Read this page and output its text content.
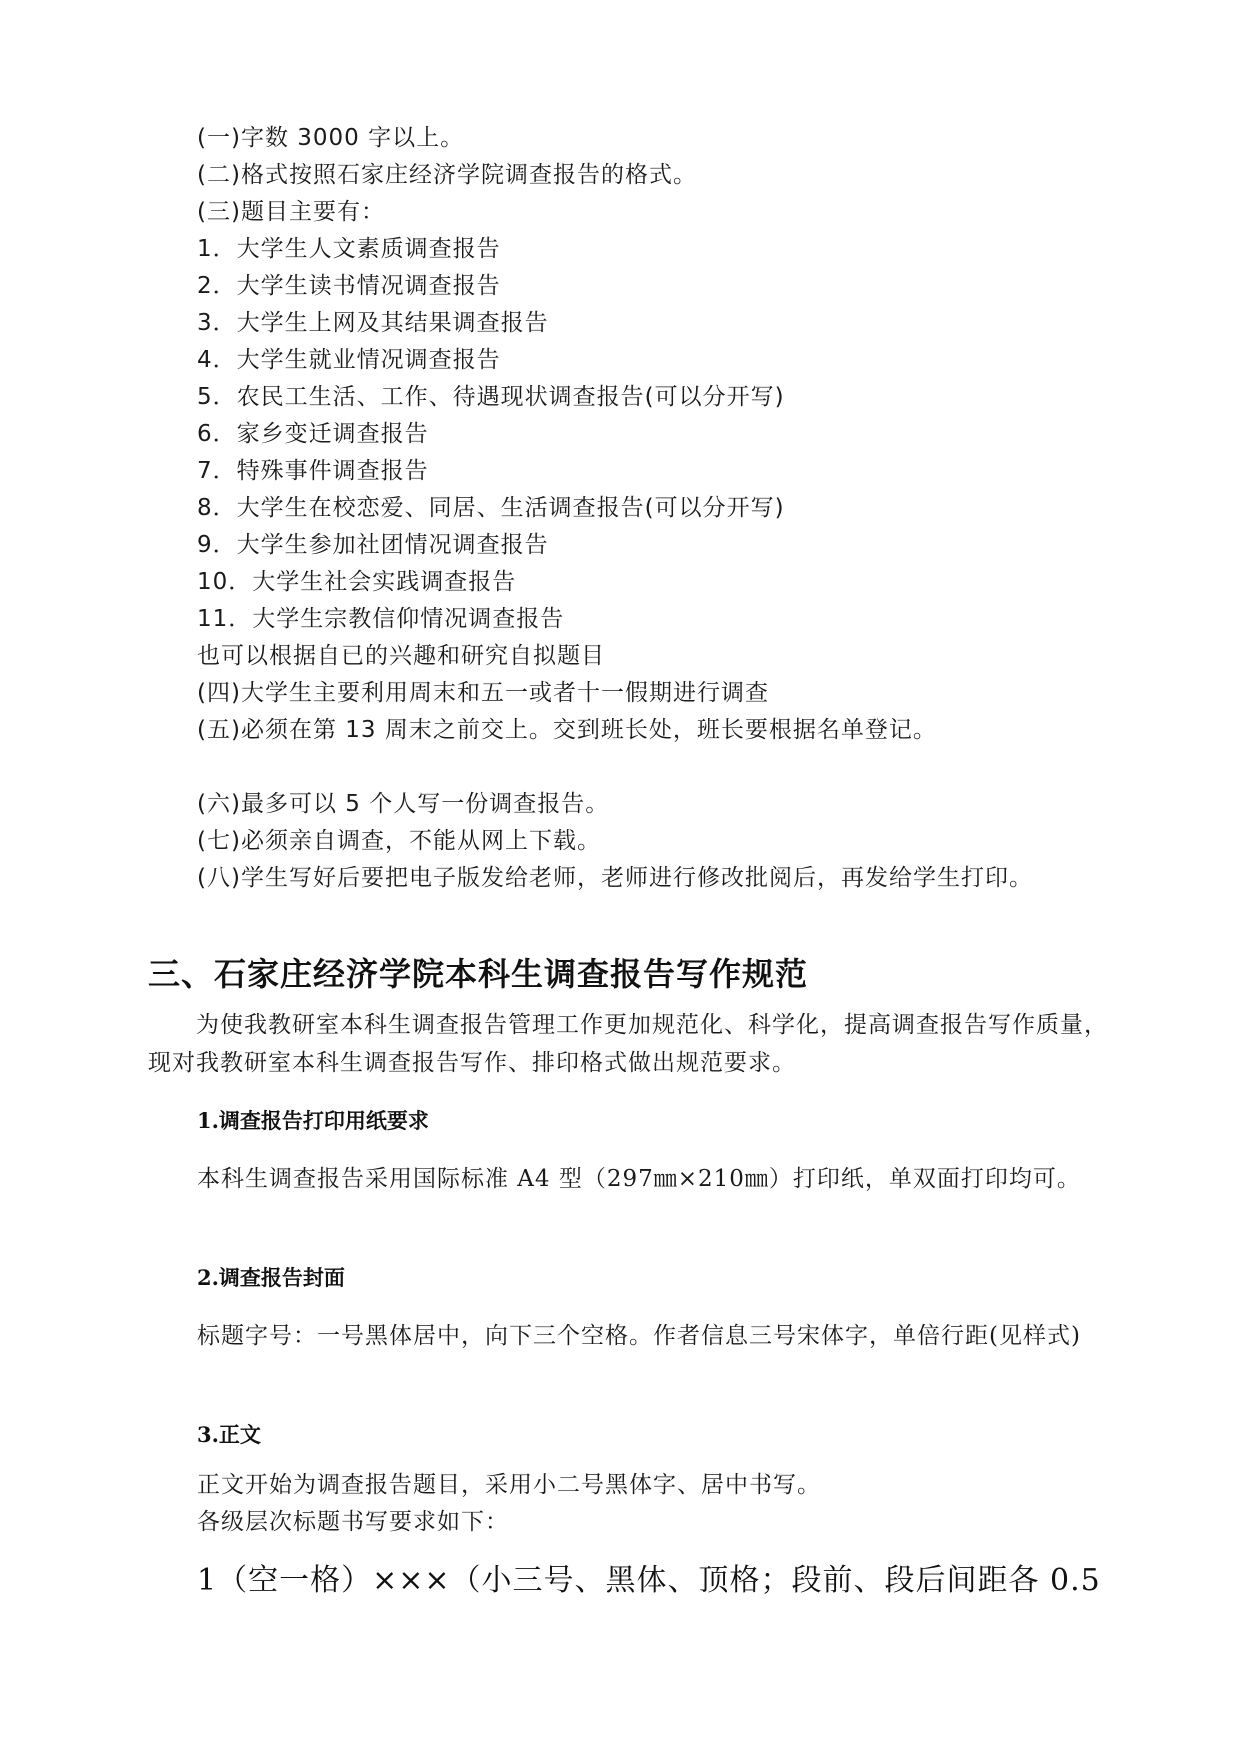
(一)字数 3000 字以上。
(二)格式按照石家庄经济学院调查报告的格式。
(三)题目主要有：
1．大学生人文素质调查报告
2．大学生读书情况调查报告
3．大学生上网及其结果调查报告
4．大学生就业情况调查报告
5．农民工生活、工作、待遇现状调查报告(可以分开写)
6．家乡变迁调查报告
7．特殊事件调查报告
8．大学生在校恋爱、同居、生活调查报告(可以分开写)
9．大学生参加社团情况调查报告
10．大学生社会实践调查报告
11．大学生宗教信仰情况调查报告
也可以根据自已的兴趣和研究自拟题目
(四)大学生主要利用周末和五一或者十一假期进行调查
(五)必须在第 13 周末之前交上。交到班长处，班长要根据名单登记。
(六)最多可以 5 个人写一份调查报告。
(七)必须亲自调查，不能从网上下载。
(八)学生写好后要把电子版发给老师，老师进行修改批阅后，再发给学生打印。
三、石家庄经济学院本科生调查报告写作规范
为使我教研室本科生调查报告管理工作更加规范化、科学化，提高调查报告写作质量，现对我教研室本科生调查报告写作、排印格式做出规范要求。
1.调查报告打印用纸要求
本科生调查报告采用国际标准 A4 型（297㎜×210㎜）打印纸，单双面打印均可。
2.调查报告封面
标题字号：一号黑体居中，向下三个空格。作者信息三号宋体字，单倍行距(见样式)
3.正文
正文开始为调查报告题目，采用小二号黑体字、居中书写。
各级层次标题书写要求如下：
1（空一格）×××（小三号、黑体、顶格；段前、段后间距各 0.5
